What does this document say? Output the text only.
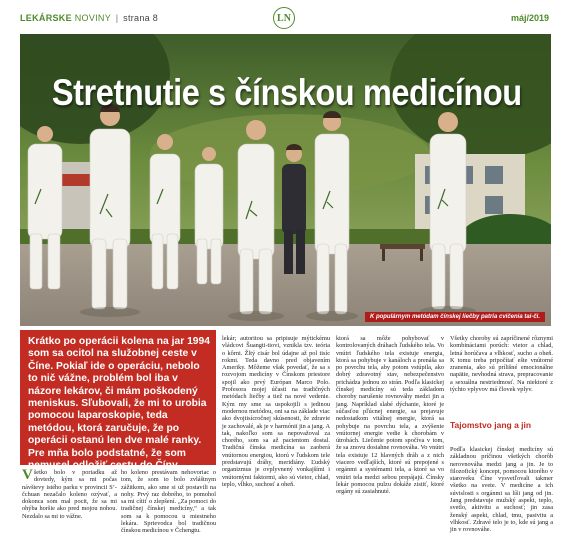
LEKÁRSKE NOVINY | strana 8	LN	máj/2019
Stretnutie s čínskou medicínou
K populárnym metódam čínskej liečby patria cvičenia tai-či.
Krátko po operácii kolena na jar 1994 som sa ocitol na služobnej ceste v Číne. Pokiaľ ide o operáciu, nebolo to nič vážne, problém bol iba v názore lekárov, či mám poškodený meniskus. Sľubovali, že mi to urobia pomocou laparoskopie, teda metódou, ktorá zaručuje, že po operácii ostanú len dve malé ranky. Pre mňa bolo podstatné, že som nemusel odložiť cestu do Číny.

Všetko bolo v poriadku až dovtedy, kým sa mi počas návštevy istého parku v provincii S’-čchuan nezačalo koleno ozývať, a dokonca som mal pocit, že sa mi ohýba horšie ako pred mojou nohou. Nezdalo sa mi to vážne.

ho koleno prestávam nehovoriac o tom, že som to bolo zvláštnym zážitkom, ako sme si už postavili na nohy. Prvý raz dobrého, to pomohol sa mi cítiť o zlepšení. „Za pomoci do tradičnej čínskej medicíny,“ a tak som sa k pomocou u miestneho lekára. Sprievodca bol tradičnou čínskou medicínou v Čchengtu.

lekár; autoritou sa pripisuje mýtickému vládcovi Šuangti-tiovi, vznikla tzv. teória o kôrni. Žltý cisár bol údajne až pol tisíc rokmi. Teda davno pred objavením Ameriky. Môžeme však povedať, že sa s rozvojom medicíny v Čínskom priestore spojil ako prvý Európan Marco Polo. Profesora mojej účasti na tradičných metódach liečby a tiež na nové vedenie. Kým my sme sa uspokojili s jedinou modernou metódou, oni sa na základe viac ako dvojtisícročnej skúsenosti, že zdravie je zachovalé, ak je v harmónii jin a jang. A tak, nakoľko som sa nepovažoval za chorého, som sa až pacientom dostal. Tradičná čínska medicína sa zaoberá vnútornou energiou, ktorú v ľudskom tele predstavujú dráhy, meridiány. Ľudský organizmus je ovplyvnený vonkajšími i vnútornými faktormi, ako sú vietor, chlad, teplo, vlhko, suchosť a oheň.

ktorá sa môže pohybovať v kontrolovaných dráhach ľudského tela. Vo vnútri ľudského tela existuje energia, ktorá sa pohybuje v kanáloch a prenáša sa po povrchu tela, aby potom vstúpila, ako dobrý zdravotný stav, nebezpečenstvo prichádza jednou zo strán. Podľa klasickej čínskej medicíny sú teda základom choroby narušenie rovnováhy medzi jin a jang. Napríklad slabé dýchanie, ktoré je súčasťou pľúcnej energie, sa prejavuje nedostatkom vitálnej energie, ktorá sa pohybuje na povrchu tela, a zvýšenie vnútornej energie vedie k chorobám v útrobách. Liečenie potom spočíva v tom, že sa znovu dosiahne rovnováha. Vo vnútri tela existuje 12 hlavných dráh a z nich viacero vedľajších, ktoré sú prepojené s orgánmi a systémami tela, a ktoré sa vo vnútri tela medzi sebou prepájajú. Čínsky lekár pomocou pulzu dokáže zistiť, ktoré orgány sú zasiahnuté.

Všetky choroby sú zapríčinené rôznymi kombináciami porúch: vietor a chlad, letná horúčava a vlhkosť, sucho a oheň. K tomu treba pripočítať ešte vnútorné zranenia, ako sú prílišné emocionálne napätie, nevhodná strava, prepracovanie a sexuálna nestriedmosť. Na niektoré z týchto vplyvov má človek vplyv.

Tajomstvo jang a jin

Podľa klasickej čínskej medicíny sú základnou príčinou všetkých chorôb nerovnováha medzi jang a jin. Je to filozofický koncept, pomocou ktorého v staroveku Číne vysvetľovali takmer všetko na svete. V medicíne a ich súvislosti s orgánmi sa líši jang od jin. Jang predstavuje mužský aspekt, teplo, svetlo, aktivitu a suchosť; jin zasa ženský aspekt, chlad, tmu, pasivitu a vlhkosť. Zdravé telo je to, kde sú jang a jin v rovnováhe.
